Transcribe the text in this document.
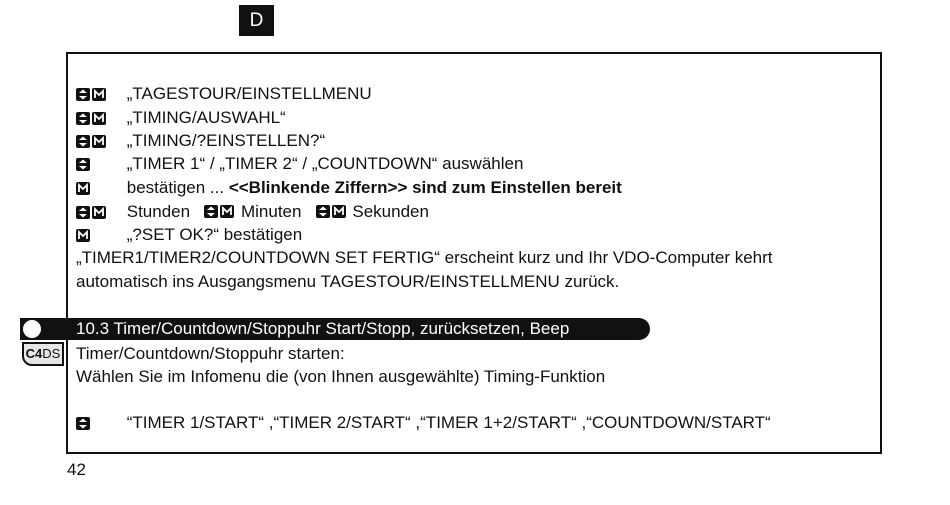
D
„TAGESTOUR/EINSTELLMENU
„TIMING/AUSWAHL“
„TIMING/?EINSTELLEN?“
„TIMER 1“ / „TIMER 2“ / „COUNTDOWN“ auswählen
bestätigen ... <<Blinkende Ziffern>> sind zum Einstellen bereit
Stunden	Minuten	Sekunden
„?SET OK?“ bestätigen
„TIMER1/TIMER2/COUNTDOWN SET FERTIG“ erscheint kurz und Ihr VDO-Computer kehrt
automatisch ins Ausgangsmenu TAGESTOUR/EINSTELLMENU zurück.
10.3 Timer/Countdown/Stoppuhr Start/Stopp, zurücksetzen, Beep
C4DS Timer/Countdown/Stoppuhr starten:
Wählen Sie im Infomenu die (von Ihnen ausgewählte) Timing-Funktion
“TIMER 1/START“ ,“TIMER 2/START“ ,“TIMER 1+2/START“ ,“COUNTDOWN/START“
42
